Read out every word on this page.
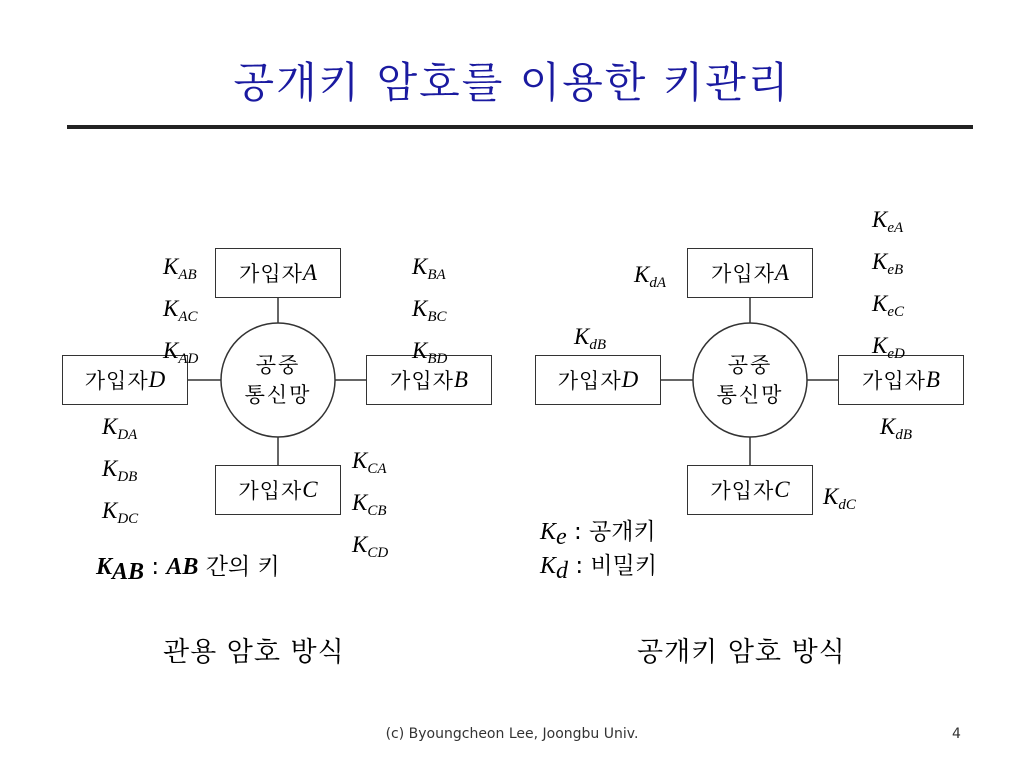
공개키 암호를 이용한 키관리
가입자 A
가입자 B
가입자 C
가입자 D
공중
통신망
$K_{AB}$
$K_{AC}$
$K_{AD}$
$K_{BA}$
$K_{BC}$
$K_{BD}$
$K_{CA}$
$K_{CB}$
$K_{CD}$
$K_{DA}$
$K_{DB}$
$K_{DC}$
$K_{AB}$ : AB 간의 키
관용 암호 방식
가입자 A
가입자 B
가입자 C
가입자 D
공중
통신망
$K_{eA}$
$K_{eB}$
$K_{eC}$
$K_{eD}$
$K_{dA}$
$K_{dB}$
$K_{dC}$
$K_{dB}$
$K_e$ : 공개키
$K_d$ : 비밀키
공개키 암호 방식
(c) Byoungcheon Lee, Joongbu Univ.	4
